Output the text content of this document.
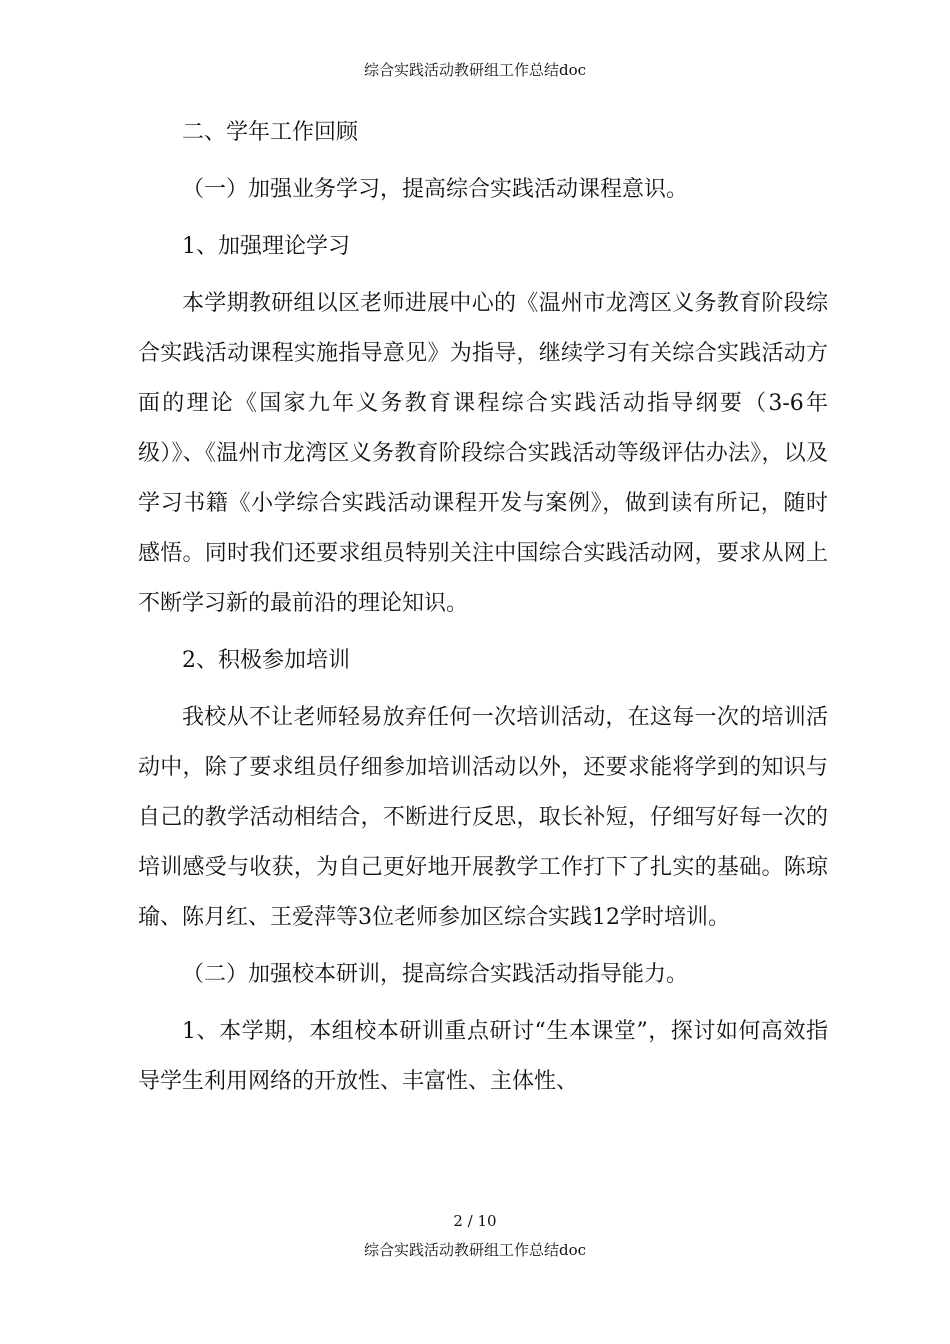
综合实践活动教研组工作总结doc

二、学年工作回顾

（一）加强业务学习，提高综合实践活动课程意识。

1、加强理论学习

本学期教研组以区老师进展中心的《温州市龙湾区义务教育阶段综合实践活动课程实施指导意见》为指导，继续学习有关综合实践活动方面的理论《国家九年义务教育课程综合实践活动指导纲要（3-6年级）》、《温州市龙湾区义务教育阶段综合实践活动等级评估办法》，以及学习书籍《小学综合实践活动课程开发与案例》，做到读有所记，随时感悟。同时我们还要求组员特别关注中国综合实践活动网，要求从网上不断学习新的最前沿的理论知识。

2、积极参加培训

我校从不让老师轻易放弃任何一次培训活动，在这每一次的培训活动中，除了要求组员仔细参加培训活动以外，还要求能将学到的知识与自己的教学活动相结合，不断进行反思，取长补短，仔细写好每一次的培训感受与收获，为自己更好地开展教学工作打下了扎实的基础。陈琼瑜、陈月红、王爱萍等3位老师参加区综合实践12学时培训。

（二）加强校本研训，提高综合实践活动指导能力。

1、本学期，本组校本研训重点研讨“生本课堂”，探讨如何高效指导学生利用网络的开放性、丰富性、主体性、

2 / 10
综合实践活动教研组工作总结doc
